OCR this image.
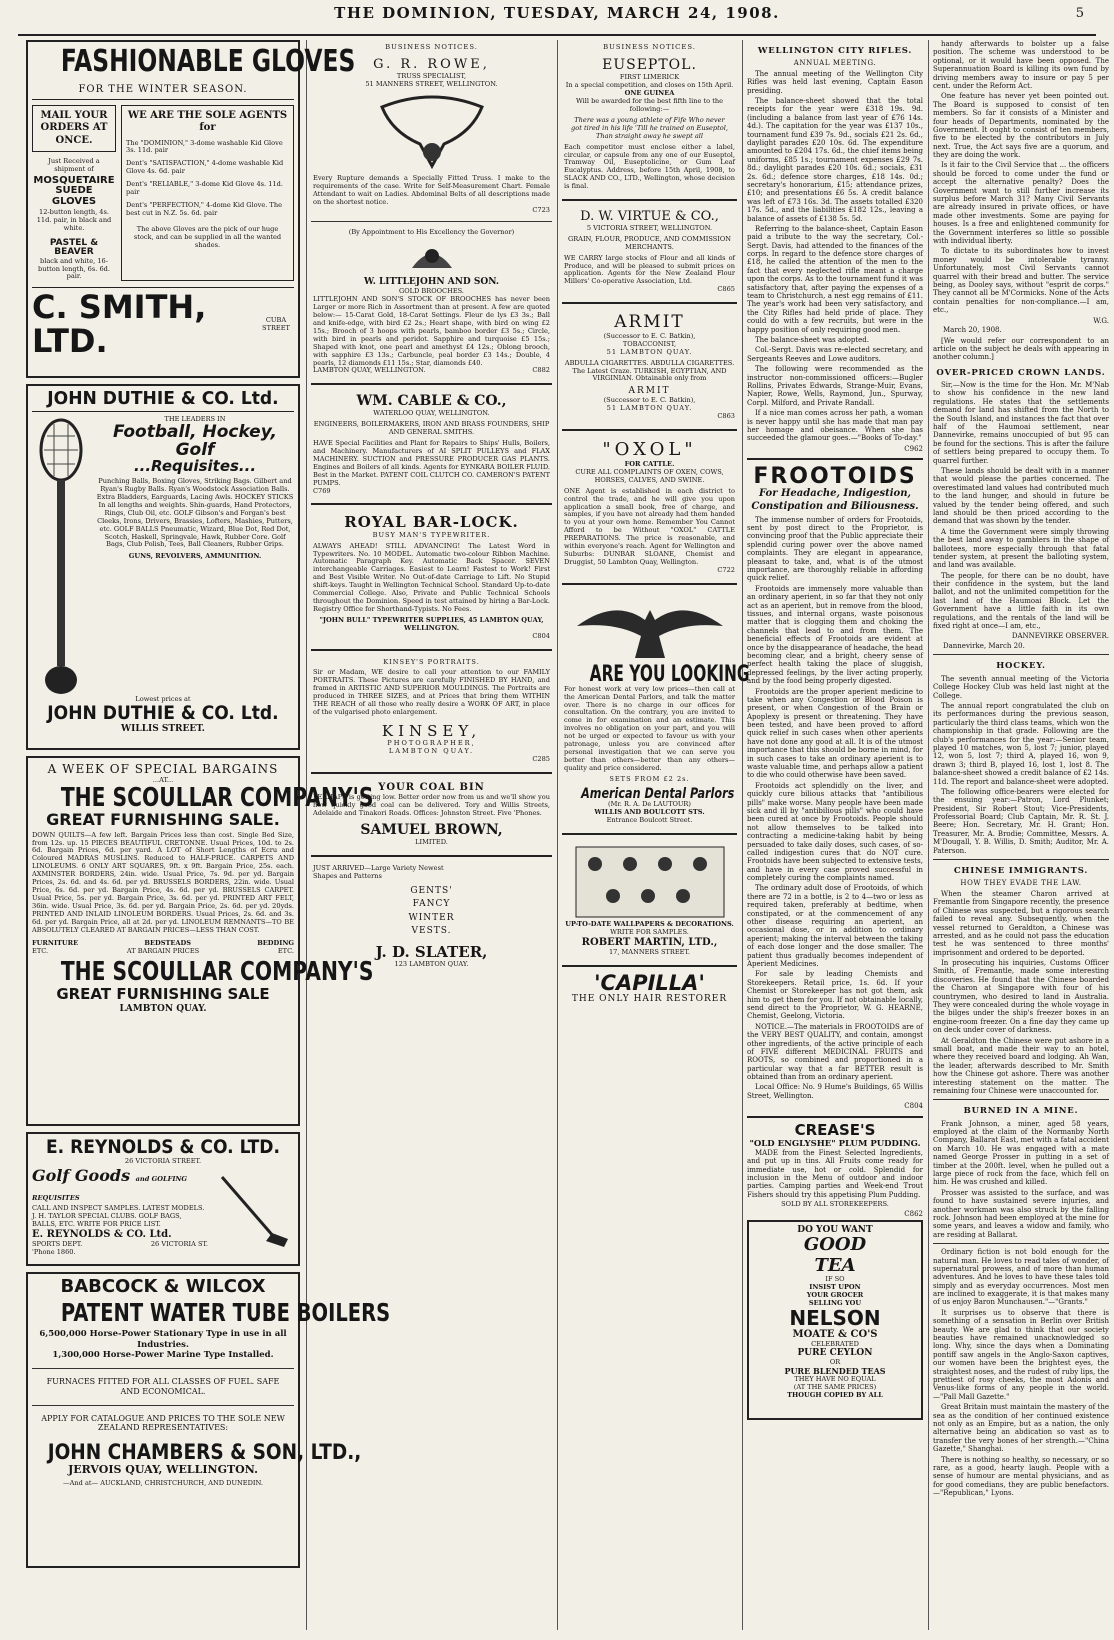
THE DOMINION, TUESDAY, MARCH 24, 1908.	5
FASHIONABLE GLOVES
FOR THE WINTER SEASON.
MAIL YOUR ORDERS AT ONCE.
Just Received a shipment of
MOSQUETAIRE SUEDE GLOVES
12-button length, 4s. 11d. pair, in black and white.
PASTEL & BEAVER
black and white, 16-button length, 6s. 6d. pair.
WE ARE THE SOLE AGENTS for
The "DOMINION," 3-dome washable Kid Glove 3s. 11d. pair
Dent's "SATISFACTION," 4-dome washable Kid Glove 4s. 6d. pair
Dent's "RELIABLE," 3-dome Kid Glove 4s. 11d. pair
Dent's "PERFECTION," 4-dome Kid Glove. The best cut in N.Z. 5s. 6d. pair
The above Gloves are the pick of our huge stock, and can be supplied in all the wanted shades.
C. SMITH, LTD.
CUBA
STREET
JOHN DUTHIE & CO. Ltd.
THE LEADERS IN
Football, Hockey, Golf
...Requisites...
Punching Balls, Boxing Gloves, Striking Bags. Gilbert and Ryan's Rugby Balls. Ryan's Woodstock Association Balls. Extra Bladders, Earguards, Lacing Awls. HOCKEY STICKS In all lengths and weights. Shin-guards, Hand Protectors, Rings, Club Oil, etc. GOLF Gibson's and Forgan's best Cleeks, Irons, Drivers, Brassies, Lofters, Mashies, Putters, etc. GOLF BALLS Pneumatic, Wizard, Blue Dot, Red Dot, Scotch, Haskell, Springvale, Hawk, Rubber Core. Golf Bags, Club Polish, Tees, Ball Cleaners, Rubber Grips.
GUNS, REVOLVERS, AMMUNITION.
Lowest prices at
JOHN DUTHIE & CO. Ltd.
WILLIS STREET.
A WEEK OF SPECIAL BARGAINS
...AT...
THE SCOULLAR COMPANY'S
GREAT FURNISHING SALE.
DOWN QUILTS—A few left. Bargain Prices less than cost. Single Bed Size, from 12s. up. 15 PIECES BEAUTIFUL CRETONNE. Usual Prices, 10d. to 2s. 6d. Bargain Prices, 6d. per yard. A LOT of Short Lengths of Ecru and Coloured MADRAS MUSLINS. Reduced to HALF-PRICE. CARPETS AND LINOLEUMS. 6 ONLY ART SQUARES, 9ft. x 9ft. Bargain Price, 25s. each. AXMINSTER BORDERS, 24in. wide. Usual Price, 7s. 9d. per yd. Bargain Prices, 2s. 6d. and 4s. 6d. per yd. BRUSSELS BORDERS, 22in. wide. Usual Price, 6s. 6d. per yd. Bargain Price, 4s. 6d. per yd. BRUSSELS CARPET. Usual Price, 5s. per yd. Bargain Price, 3s. 6d. per yd. PRINTED ART FELT, 36in. wide. Usual Price, 3s. 6d. per yd. Bargain Price, 2s. 6d. per yd. 20yds. PRINTED AND INLAID LINOLEUM BORDERS. Usual Prices, 2s. 6d. and 3s. 6d. per yd. Bargain Price, all at 2d. per yd. LINOLEUM REMNANTS—TO BE ABSOLUTELY CLEARED AT BARGAIN PRICES—LESS THAN COST.
FURNITURE	BEDSTEADS	BEDDING
ETC.	AT BARGAIN PRICES	ETC.
THE SCOULLAR COMPANY'S
GREAT FURNISHING SALE
LAMBTON QUAY.
E. REYNOLDS & CO. LTD.
26 VICTORIA STREET.
Golf Goods and GOLFING REQUISITES
CALL AND INSPECT SAMPLES. LATEST MODELS. J. H. TAYLOR SPECIAL CLUBS. GOLF BAGS, BALLS, ETC. WRITE FOR PRICE LIST.
E. REYNOLDS & CO. Ltd.
SPORTS DEPT.	26 VICTORIA ST.
'Phone 1860.
BABCOCK & WILCOX
PATENT WATER TUBE BOILERS
6,500,000 Horse-Power Stationary Type in use in all Industries.
1,300,000 Horse-Power Marine Type Installed.
FURNACES FITTED FOR ALL CLASSES OF FUEL. SAFE AND ECONOMICAL.
APPLY FOR CATALOGUE AND PRICES TO THE SOLE NEW ZEALAND REPRESENTATIVES:
JOHN CHAMBERS & SON, LTD.,
JERVOIS QUAY, WELLINGTON.
—And at— AUCKLAND, CHRISTCHURCH, AND DUNEDIN.
BUSINESS NOTICES.
G. R. ROWE,
TRUSS SPECIALIST,
51 MANNERS STREET, WELLINGTON.
Every Rupture demands a Specially Fitted Truss. I make to the requirements of the case. Write for Self-Measurement Chart. Female Attendant to wait on Ladies. Abdominal Belts of all descriptions made on the shortest notice.
C723
(By Appointment to His Excellency the Governor)
W. LITTLEJOHN AND SON.
GOLD BROOCHES.
LITTLEJOHN AND SON'S STOCK OF BROOCHES has never been Larger or more Rich in Assortment than at present. A few are quoted below:— 15-Carat Gold, 18-Carat Settings. Fleur de lys £3 3s.; Ball and knife-edge, with bird £2 2s.; Heart shape, with bird on wing £2 15s.; Brooch of 3 hoops with pearls, bamboo border £3 5s.; Circle, with bird in pearls and peridot. Sapphire and turquoise £5 15s.; Shaped with knot, one pearl and amethyst £4 12s.; Oblong brooch, with sapphire £3 13s.; Carbuncle, peal border £3 14s.; Double, 4 pearls, 12 diamonds £11 15s.; Star, diamonds £40.
LAMBTON QUAY, WELLINGTON.	C882
WM. CABLE & CO.,
WATERLOO QUAY, WELLINGTON.
ENGINEERS, BOILERMAKERS, IRON AND BRASS FOUNDERS, SHIP AND GENERAL SMITHS.
HAVE Special Facilities and Plant for Repairs to Ships' Hulls, Boilers, and Machinery. Manufacturers of AI SPLIT PULLEYS and FLAX MACHINERY. SUCTION and PRESSURE PRODUCER GAS PLANTS. Engines and Boilers of all kinds. Agents for EYNKARA BOILER FLUID. Best in the Market. PATENT COIL CLUTCH CO. CAMERON'S PATENT PUMPS.
C769
ROYAL BAR-LOCK.
BUSY MAN'S TYPEWRITER.
ALWAYS AHEAD! STILL ADVANCING! The Latest Word in Typewriters. No. 10 MODEL. Automatic two-colour Ribbon Machine. Automatic Paragraph Key. Automatic Back Spacer. SEVEN interchangeable Carriages. Easiest to Learn! Fastest to Work! First and Best Visible Writer. No Out-of-date Carriage to Lift. No Stupid shift-keys. Taught in Wellington Technical School. Standard Up-to-date Commercial College. Also, Private and Public Technical Schools throughout the Dominion. Speed in test attained by hiring a Bar-Lock. Registry Office for Shorthand-Typists. No Fees.
"JOHN BULL" TYPEWRITER SUPPLIES, 45 LAMBTON QUAY, WELLINGTON.
C804
KINSEY'S PORTRAITS.
Sir or Madam, WE desire to call your attention to our FAMILY PORTRAITS. These Pictures are carefully FINISHED BY HAND, and framed in ARTISTIC AND SUPERIOR MOULDINGS. The Portraits are produced in THREE SIZES, and at Prices that bring them WITHIN THE REACH of all those who really desire a WORK OF ART, in place of the vulgarised photo enlargement.
KINSEY,
PHOTOGRAPHER,
LAMBTON QUAY.
C285
YOUR COAL BIN
PERHAPS is getting low. Better order now from us and we'll show you how quickly good coal can be delivered. Tory and Willis Streets, Adelaide and Tinakori Roads. Offices: Johnston Street. Five 'Phones.
SAMUEL BROWN,
LIMITED.
JUST ARRIVED—Large Variety Newest Shapes and Patterns
GENTS'
FANCY
WINTER
VESTS.
J. D. SLATER,
123 LAMBTON QUAY.
BUSINESS NOTICES.
EUSEPTOL.
FIRST LIMERICK
In a special competition, and closes on 15th April.
ONE GUINEA
Will be awarded for the best fifth line to the following:—
There was a young athlete of Fife Who never got tired in his life 'Till he trained on Euseptol, Than straight away he swept all
Each competitor must enclose either a label, circular, or capsule from any one of our Euseptol, Tramway Oil, Euseptolicine, or Gum Leaf Eucalyptus. Address, before 15th April, 1908, to SLACK AND CO., LTD., Wellington, whose decision is final.
D. W. VIRTUE & CO.,
5 VICTORIA STREET, WELLINGTON.
GRAIN, FLOUR, PRODUCE, AND COMMISSION MERCHANTS.
WE CARRY large stocks of Flour and all kinds of Produce, and will be pleased to submit prices on application. Agents for the New Zealand Flour Millers' Co-operative Association, Ltd.
C865
ARMIT
(Successor to E. C. Batkin),
TOBACCONIST,
51 LAMBTON QUAY.
ABDULLA CIGARETTES. ABDULLA CIGARETTES. The Latest Craze. TURKISH, EGYPTIAN, AND VIRGINIAN. Obtainable only from
ARMIT
(Successor to E. C. Batkin),
51 LAMBTON QUAY.
C863
"OXOL"
FOR CATTLE.
CURE ALL COMPLAINTS OF OXEN, COWS, HORSES, CALVES, AND SWINE.
ONE Agent is established in each district to control the trade, and he will give you upon application a small book, free of charge, and samples, if you have not already had them handed to you at your own home. Remember You Cannot Afford to be Without "OXOL" CATTLE PREPARATIONS. The price is reasonable, and within everyone's reach. Agent for Wellington and Suburbs: DUNBAR SLOANE, Chemist and Druggist, 50 Lambton Quay, Wellington.
C722
ARE YOU LOOKING
For honest work at very low prices—then call at the American Dental Parlors, and talk the matter over. There is no charge in our offices for consultation. On the contrary, you are invited to come in for examination and an estimate. This involves no obligation on your part, and you will not be urged or expected to favour us with your patronage, unless you are convinced after personal investigation that we can serve you better than others—better than any others—quality and price considered.
SETS FROM £2 2s.
American Dental Parlors
(Mr. R. A. De LAUTOUR)
WILLIS AND BOULCOTT STS.
Entrance Boulcott Street.
UP-TO-DATE WALLPAPERS & DECORATIONS.
WRITE FOR SAMPLES.
ROBERT MARTIN, LTD.,
17, MANNERS STREET.
'CAPILLA'
THE ONLY HAIR RESTORER
WELLINGTON CITY RIFLES.
ANNUAL MEETING.
The annual meeting of the Wellington City Rifles was held last evening, Captain Eason presiding.
The balance-sheet showed that the total receipts for the year were £318 19s. 9d. (including a balance from last year of £76 14s. 4d.). The capitation for the year was £137 10s., tournament fund £39 7s. 9d., socials £21 2s. 6d., daylight parades £20 10s. 6d. The expenditure amounted to £204 17s. 6d., the chief items being uniforms, £85 1s.; tournament expenses £29 7s. 8d.; daylight parades £20 10s. 6d.; socials, £31 2s. 6d.; defence store charges, £18 14s. 0d.; secretary's honorarium, £15; attendance prizes, £10; and presentations £6 5s. A credit balance was left of £73 16s. 3d. The assets totalled £320 17s. 5d., and the liabilities £182 12s., leaving a balance of assets of £138 5s. 5d.
Referring to the balance-sheet, Captain Eason paid a tribute to the way the secretary, Col.-Sergt. Davis, had attended to the finances of the corps. In regard to the defence store charges of £18, he called the attention of the men to the fact that every neglected rifle meant a charge upon the corps. As to the tournament fund it was satisfactory that, after paying the expenses of a team to Christchurch, a nest egg remains of £11. The year's work had been very satisfactory, and the City Rifles had held pride of place. They could do with a few recruits, but were in the happy position of only requiring good men.
The balance-sheet was adopted.
Col.-Sergt. Davis was re-elected secretary, and Sergeants Reeves and Lowe auditors.
The following were recommended as the instructor non-commissioned officers:—Bugler Rollins, Privates Edwards, Strange-Muir, Evans, Napier, Rowe, Wells, Raymond, Jun., Spurway, Corpl. Milford, and Private Randall.
If a nice man comes across her path, a woman is never happy until she has made that man pay her homage and obeisance. When she has succeeded the glamour goes.—"Books of To-day."
C962
FROOTOIDS
For Headache, Indigestion, Constipation and Biliousness.
The immense number of orders for Frootoids, sent by post direct to the Proprietor, is convincing proof that the Public appreciate their splendid curing power over the above named complaints. They are elegant in appearance, pleasant to take, and, what is of the utmost importance, are thoroughly reliable in affording quick relief.
Frootoids are immensely more valuable than an ordinary aperient, in so far that they not only act as an aperient, but in remove from the blood, tissues, and internal organs, waste poisonous matter that is clogging them and choking the channels that lead to and from them. The beneficial effects of Frootoids are evident at once by the disappearance of headache, the head becoming clear, and a bright, cheery sense of perfect health taking the place of sluggish, depressed feelings, by the liver acting properly, and by the food being properly digested.
Frootoids are the proper aperient medicine to take when any Congestion or Blood Poison is present, or when Congestion of the Brain or Apoplexy is present or threatening. They have been tested, and have been proved to afford quick relief in such cases when other aperients have not done any good at all. It is of the utmost importance that this should be borne in mind, for in such cases to take an ordinary aperient is to waste valuable time, and perhaps allow a patient to die who could otherwise have been saved.
Frootoids act splendidly on the liver, and quickly cure bilious attacks that "antibilious pills" make worse. Many people have been made sick and ill by "antibilious pills" who could have been cured at once by Frootoids. People should not allow themselves to be talked into contracting a medicine-taking habit by being persuaded to take daily doses, such cases, of so-called indigestion cures that do NOT cure. Frootoids have been subjected to extensive tests, and have in every case proved successful in completely curing the complaints named.
The ordinary adult dose of Frootoids, of which there are 72 in a bottle, is 2 to 4—two or less as required taken, preferably at bedtime, when constipated, or at the commencement of any other disease requiring an aperient, an occasional dose, or in addition to ordinary aperient; making the interval between the taking of each dose longer and the dose smaller. The patient thus gradually becomes independent of Aperient Medicines.
For sale by leading Chemists and Storekeepers. Retail price, 1s. 6d. If your Chemist or Storekeeper has not got them, ask him to get them for you. If not obtainable locally, send direct to the Proprietor, W. G. HEARNE, Chemist, Geelong, Victoria.
NOTICE.—The materials in FROOTOIDS are of the VERY BEST QUALITY, and contain, amongst other ingredients, of the active principle of each of FIVE different MEDICINAL FRUITS and ROOTS, so combined and proportioned in a particular way that a far BETTER result is obtained than from an ordinary aperient.
Local Office: No. 9 Hume's Buildings, 65 Willis Street, Wellington.
C804
CREASE'S
"OLD ENGLYSHE" PLUM PUDDING.
MADE from the Finest Selected Ingredients, and put up in tins. All Fruits come ready for immediate use, hot or cold. Splendid for inclusion in the Menu of outdoor and indoor parties. Camping parties and Week-end Trout Fishers should try this appetising Plum Pudding.
SOLD BY ALL STOREKEEPERS.
C862
DO YOU WANT
GOOD
TEA
IF SO
INSIST UPON
YOUR GROCER
SELLING YOU
NELSON
MOATE & CO'S
CELEBRATED
PURE CEYLON
OR
PURE BLENDED TEAS
THEY HAVE NO EQUAL
(AT THE SAME PRICES)
THOUGH COPIED BY ALL
handy afterwards to bolster up a false position. The scheme was understood to be optional, or it would have been opposed. The Superannuation Board is killing its own fund by driving members away to insure or pay 5 per cent. under the Reform Act.
One feature has never yet been pointed out. The Board is supposed to consist of ten members. So far it consists of a Minister and four heads of Departments, nominated by the Government. It ought to consist of ten members, five to be elected by the contributors in July next. True, the Act says five are a quorum, and they are doing the work.
Is it fair to the Civil Service that ... the officers should be forced to come under the fund or accept the alternative penalty? Does the Government want to still further increase its surplus before March 31? Many Civil Servants are already insured in private offices, or have made other investments. Some are paying for houses. Is a free and enlightened community for the Government interferes so little so possible with individual liberty.
To dictate to its subordinates how to invest money would be intolerable tyranny. Unfortunately, most Civil Servants cannot quarrel with their bread and butter. The service being, as Dooley says, without "esprit de corps." They cannot all be M'Cormicks. None of the Acts contain penalties for non-compliance.—I am, etc.,
W.G.
March 20, 1908.
[We would refer our correspondent to an article on the subject he deals with appearing in another column.]
OVER-PRICED CROWN LANDS.
Sir,—Now is the time for the Hon. Mr. M'Nab to show his confidence in the new land regulations. He states that the settlements demand for land has shifted from the North to the South Island, and instances the fact that over half of the Haumoai settlement, near Dannevirke, remains unoccupied of but 95 can be found for the sections. This is after the failure of settlers being prepared to occupy them. To quarrel further.
These lands should be dealt with in a manner that would please the parties concerned. The overestimated land values had contributed much to the land hunger, and should in future be valued by the tender being offered, and such land should be then priced according to the demand that was shown by the tender.
A time the Government were simply throwing the best land away to gamblers in the shape of ballotees, more especially through that fatal tender system, at present the balloting system, and land was available.
The people, for there can be no doubt, have their confidence in the system, but the land ballot, and not the unlimited competition for the last land of the Haumoai Block. Let the Government have a little faith in its own regulations, and the rentals of the land will be fixed right at once—I am, etc.,
DANNEVIRKE OBSERVER.
Dannevirke, March 20.
HOCKEY.
The seventh annual meeting of the Victoria College Hockey Club was held last night at the College.
The annual report congratulated the club on its performances during the previous season, particularly the third class teams, which won the championship in that grade. Following are the club's performances for the year:—Senior team, played 10 matches, won 5, lost 7; junior, played 12, won 5, lost 7; third A, played 16, won 9, drawn 3; third B, played 16, lost 1, lost 8. The balance-sheet showed a credit balance of £2 14s. 11d. The report and balance-sheet were adopted.
The following office-bearers were elected for the ensuing year:—Patron, Lord Plunket; President, Sir Robert Stout; Vice-Presidents, Professorial Board; Club Captain, Mr. R. St. J. Beere; Hon. Secretary, Mr. H. Grant; Hon. Treasurer, Mr. A. Brodie; Committee, Messrs. A. M'Dougall, Y. B. Willis, D. Smith; Auditor, Mr. A. Paterson.
CHINESE IMMIGRANTS.
HOW THEY EVADE THE LAW.
When the steamer Charon arrived at Fremantle from Singapore recently, the presence of Chinese was suspected, but a rigorous search failed to reveal any. Subsequently, when the vessel returned to Geraldton, a Chinese was arrested, and as he could not pass the education test he was sentenced to three months' imprisonment and ordered to be deported.
In prosecuting his inquiries, Customs Officer Smith, of Fremantle, made some interesting discoveries. He found that the Chinese boarded the Charon at Singapore with four of his countrymen, who desired to land in Australia. They were concealed during the whole voyage in the bilges under the ship's freezer boxes in an engine-room freezer. On a fine day they came up on deck under cover of darkness.
At Geraldton the Chinese were put ashore in a small boat, and made their way to an hotel, where they received board and lodging. Ah Wan, the leader, afterwards described to Mr. Smith how the Chinese got ashore. There was another interesting statement on the matter. The remaining four Chinese were unaccounted for.
BURNED IN A MINE.
Frank Johnson, a miner, aged 58 years, employed at the claim of the Normanby North Company, Ballarat East, met with a fatal accident on March 10. He was engaged with a mate named George Prosser in putting in a set of timber at the 200ft. level, when he pulled out a large piece of rock from the face, which fell on him. He was crushed and killed.
Prosser was assisted to the surface, and was found to have sustained severe injuries, and another workman was also struck by the falling rock. Johnson had been employed at the mine for some years, and leaves a widow and family, who are residing at Ballarat.
Ordinary fiction is not bold enough for the natural man. He loves to read tales of wonder, of supernatural prowess, and of more than human adventures. And he loves to have these tales told simply and as everyday occurrences. Most men are inclined to exaggerate, it is that makes many of us enjoy Baron Munchausen."—"Grants."
It surprises us to observe that there is something of a sensation in Berlin over British beauty. We are glad to think that our society beauties have remained unacknowledged so long. Why, since the days when a Dominating pontiff saw angels in the Anglo-Saxon captives, our women have been the brightest eyes, the straightest noses, and the rudest of ruby lips, the prettiest of rosy cheeks, the most Adonis and Venus-like forms of any people in the world.—"Pall Mall Gazette."
Great Britain must maintain the mastery of the sea as the condition of her continued existence not only as an Empire, but as a nation, the only alternative being an abdication so vast as to transfer the very bones of her strength.—"China Gazette," Shanghai.
There is nothing so healthy, so necessary, or so rare, as a good, hearty laugh. People with a sense of humour are mental physicians, and as for good comedians, they are public benefactors.—"Republican," Lyons.
